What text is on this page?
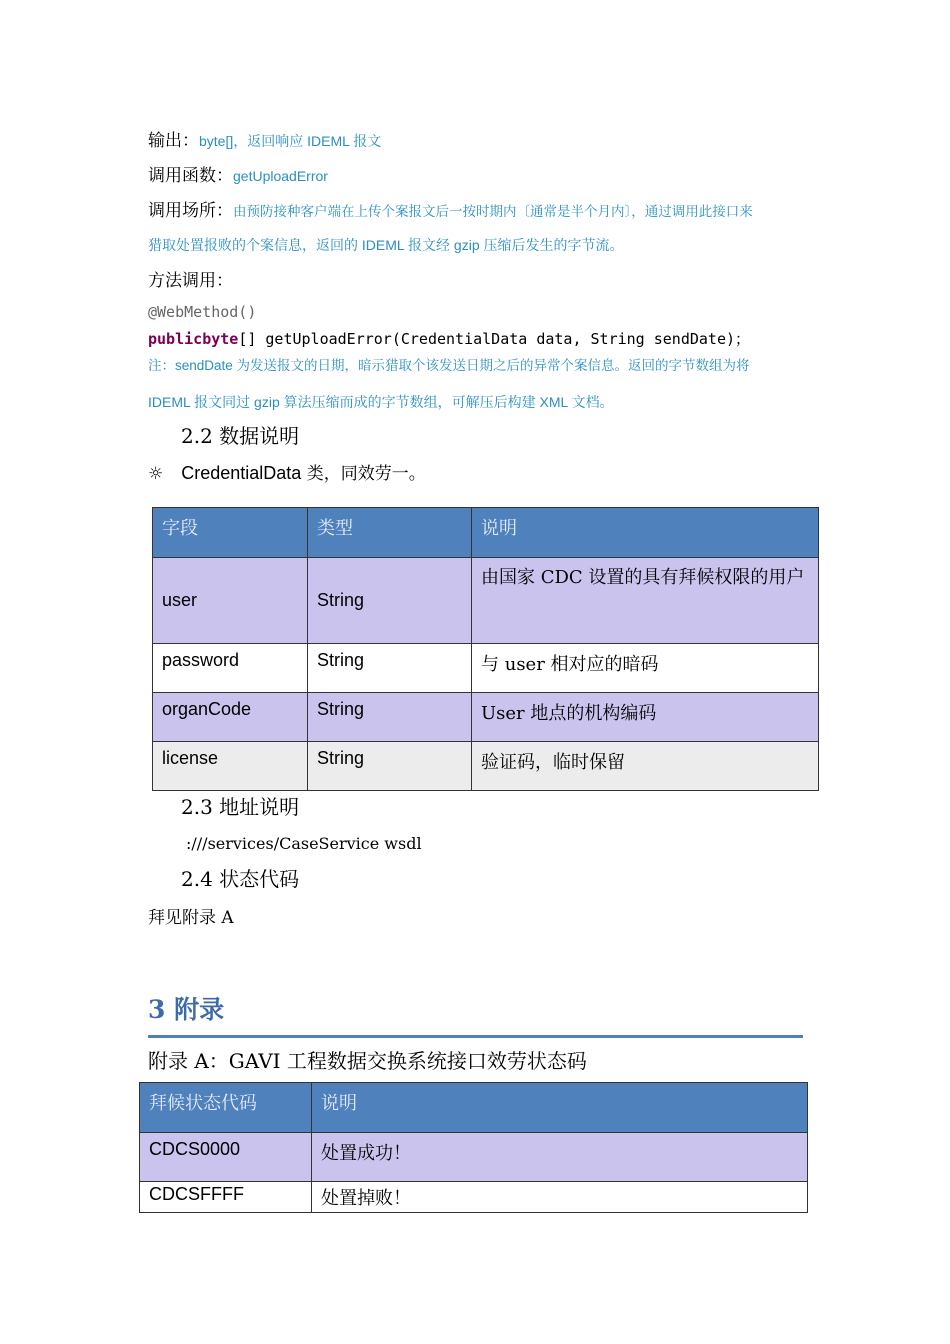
输出：byte[]，返回响应 IDEML 报文
调用函数：getUploadError
调用场所：由预防接种客户端在上传个案报文后一按时期内〔通常是半个月内〕，通过调用此接口来
猎取处置报败的个案信息，返回的 IDEML 报文经 gzip 压缩后发生的字节流。
方法调用：
@WebMethod()
publicbyte[] getUploadError(CredentialData data, String sendDate)；
注：sendDate 为发送报文的日期，暗示猎取个该发送日期之后的异常个案信息。返回的字节数组为将
IDEML 报文同过 gzip 算法压缩而成的字节数组，可解压后构建 XML 文档。
2.2 数据说明
☼ CredentialData 类，同效劳一。
字段	类型	说明
user	String	由国家 CDC 设置的具有拜候权限的用户
password	String	与 user 相对应的暗码
organCode	String	User 地点的机构编码
license	String	验证码，临时保留
2.3 地址说明
:///services/CaseService wsdl
2.4 状态代码
拜见附录 A
3 附录
附录 A：GAVI 工程数据交换系统接口效劳状态码
拜候状态代码	说明
CDCS0000	处置成功！
CDCSFFFF	处置掉败！
